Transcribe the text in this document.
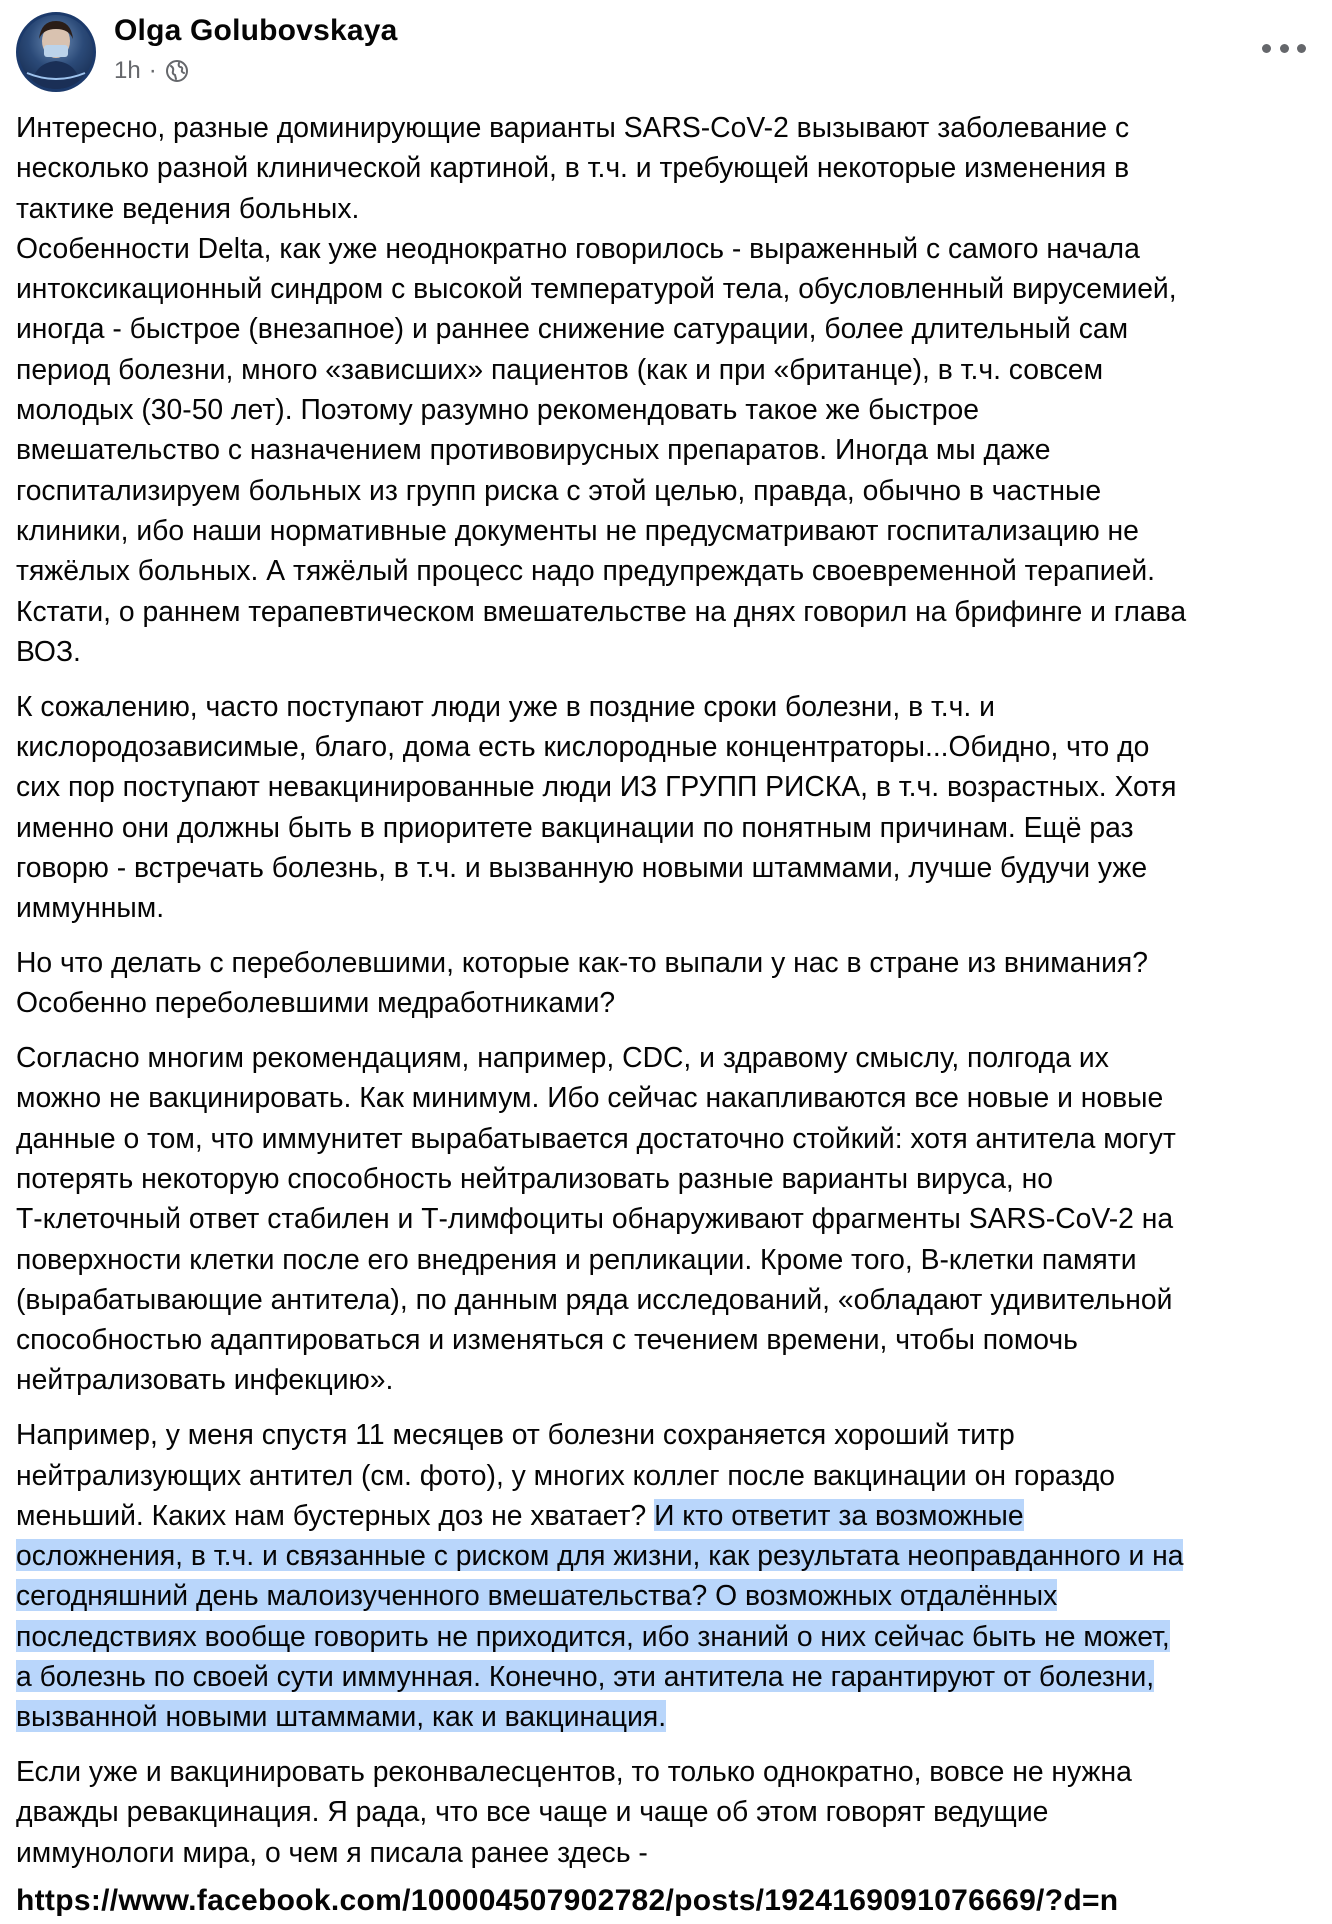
Olga Golubovskaya
1h ·

Интересно, разные доминирующие варианты SARS-CoV-2 вызывают заболевание с
несколько разной клинической картиной, в т.ч. и требующей некоторые изменения в
тактике ведения больных.
Особенности Delta, как уже неоднократно говорилось - выраженный с самого начала
интоксикационный синдром с высокой температурой тела, обусловленный вирусемией,
иногда - быстрое (внезапное) и раннее снижение сатурации, более длительный сам
период болезни, много «зависших» пациентов (как и при «британце), в т.ч. совсем
молодых (30-50 лет). Поэтому разумно рекомендовать такое же быстрое
вмешательство с назначением противовирусных препаратов. Иногда мы даже
госпитализируем больных из групп риска с этой целью, правда, обычно в частные
клиники, ибо наши нормативные документы не предусматривают госпитализацию не
тяжёлых больных. А тяжёлый процесс надо предупреждать своевременной терапией.
Кстати, о раннем терапевтическом вмешательстве на днях говорил на брифинге и глава
ВОЗ.

К сожалению, часто поступают люди уже в поздние сроки болезни, в т.ч. и
кислородозависимые, благо, дома есть кислородные концентраторы...Обидно, что до
сих пор поступают невакцинированные люди ИЗ ГРУПП РИСКА, в т.ч. возрастных. Хотя
именно они должны быть в приоритете вакцинации по понятным причинам. Ещё раз
говорю - встречать болезнь, в т.ч. и вызванную новыми штаммами, лучше будучи уже
иммунным.

Но что делать с переболевшими, которые как-то выпали у нас в стране из внимания?
Особенно переболевшими медработниками?

Согласно многим рекомендациям, например, CDC, и здравому смыслу, полгода их
можно не вакцинировать. Как минимум. Ибо сейчас накапливаются все новые и новые
данные о том, что иммунитет вырабатывается достаточно стойкий: хотя антитела могут
потерять некоторую способность нейтрализовать разные варианты вируса, но
Т-клеточный ответ стабилен и Т-лимфоциты обнаруживают фрагменты SARS-CoV-2 на
поверхности клетки после его внедрения и репликации. Кроме того, В-клетки памяти
(вырабатывающие антитела), по данным ряда исследований, «обладают удивительной
способностью адаптироваться и изменяться с течением времени, чтобы помочь
нейтрализовать инфекцию».

Например, у меня спустя 11 месяцев от болезни сохраняется хороший титр
нейтрализующих антител (см. фото), у многих коллег после вакцинации он гораздо
меньший. Каких нам бустерных доз не хватает? И кто ответит за возможные
осложнения, в т.ч. и связанные с риском для жизни, как результата неоправданного и на
сегодняшний день малоизученного вмешательства? О возможных отдалённых
последствиях вообще говорить не приходится, ибо знаний о них сейчас быть не может,
а болезнь по своей сути иммунная. Конечно, эти антитела не гарантируют от болезни,
вызванной новыми штаммами, как и вакцинация.

Если уже и вакцинировать реконвалесцентов, то только однократно, вовсе не нужна
дважды ревакцинация. Я рада, что все чаще и чаще об этом говорят ведущие
иммунологи мира, о чем я писала ранее здесь -

https://www.facebook.com/100004507902782/posts/1924169091076669/?d=n
